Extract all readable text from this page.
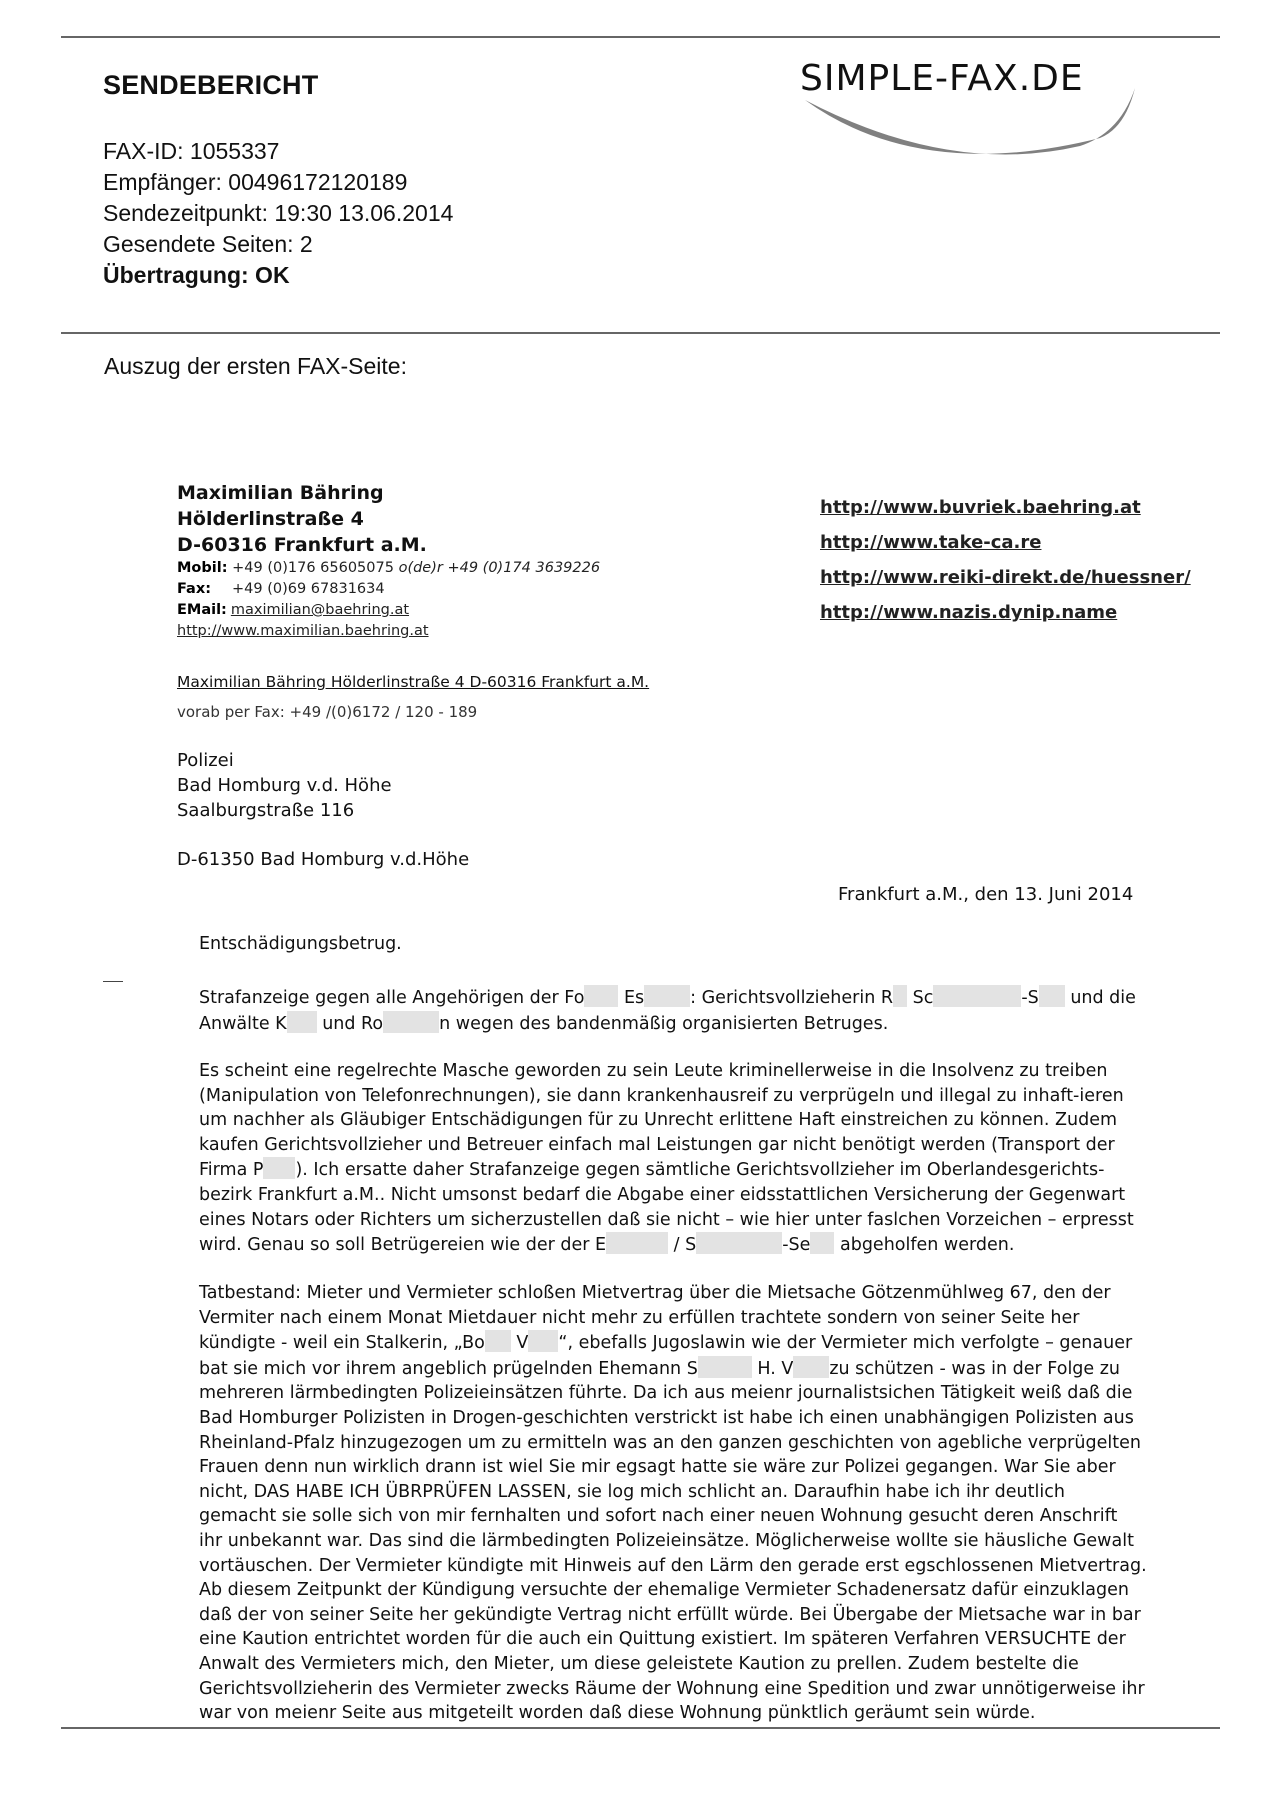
SENDEBERICHT	SIMPLE-FAX.DE
FAX-ID: 1055337
Empfänger: 00496172120189
Sendezeitpunkt: 19:30 13.06.2014
Gesendete Seiten: 2
Übertragung: OK
Auszug der ersten FAX-Seite:
Maximilian Bähring
Hölderlinstraße 4
D-60316 Frankfurt a.M.
Mobil: +49 (0)176 65605075 o(de)r +49 (0)174 3639226
Fax: +49 (0)69 67831634
EMail: maximilian@baehring.at
http://www.maximilian.baehring.at
http://www.buvriek.baehring.at
http://www.take-ca.re
http://www.reiki-direkt.de/huessner/
http://www.nazis.dynip.name
Maximilian Bähring Hölderlinstraße 4 D-60316 Frankfurt a.M.
vorab per Fax: +49 /(0)6172 / 120 - 189
Polizei
Bad Homburg v.d. Höhe
Saalburgstraße 116
D-61350 Bad Homburg v.d.Höhe
Frankfurt a.M., den 13. Juni 2014
Entschädigungsbetrug.
Strafanzeige gegen alle Angehörigen der Fo Es	: Gerichtsvollzieherin R Sc	-S und die
Anwälte K und Ro	n wegen des bandenmäßig organisierten Betruges.
Es scheint eine regelrechte Masche geworden zu sein Leute kriminellerweise in die Insolvenz zu treiben
(Manipulation von Telefonrechnungen), sie dann krankenhausreif zu verprügeln und illegal zu inhaft-ieren
um nachher als Gläubiger Entschädigungen für zu Unrecht erlittene Haft einstreichen zu können. Zudem
kaufen Gerichtsvollzieher und Betreuer einfach mal Leistungen gar nicht benötigt werden (Transport der
Firma P ). Ich ersatte daher Strafanzeige gegen sämtliche Gerichtsvollzieher im Oberlandesgerichts-
bezirk Frankfurt a.M.. Nicht umsonst bedarf die Abgabe einer eidsstattlichen Versicherung der Gegenwart
eines Notars oder Richters um sicherzustellen daß sie nicht – wie hier unter faslchen Vorzeichen – erpresst
wird. Genau so soll Betrügereien wie der der E	/ S	-Se abgeholfen werden.
Tatbestand: Mieter und Vermieter schloßen Mietvertrag über die Mietsache Götzenmühlweg 67, den der
Vermiter nach einem Monat Mietdauer nicht mehr zu erfüllen trachtete sondern von seiner Seite her
kündigte - weil ein Stalkerin, „Bo V “, ebefalls Jugoslawin wie der Vermieter mich verfolgte – genauer
bat sie mich vor ihrem angeblich prügelnden Ehemann S	H. V zu schützen - was in der Folge zu
mehreren lärmbedingten Polizeieinsätzen führte. Da ich aus meienr journalistsichen Tätigkeit weiß daß die
Bad Homburger Polizisten in Drogen-geschichten verstrickt ist habe ich einen unabhängigen Polizisten aus
Rheinland-Pfalz hinzugezogen um zu ermitteln was an den ganzen geschichten von agebliche verprügelten
Frauen denn nun wirklich drann ist wiel Sie mir egsagt hatte sie wäre zur Polizei gegangen. War Sie aber
nicht, DAS HABE ICH ÜBRPRÜFEN LASSEN, sie log mich schlicht an. Daraufhin habe ich ihr deutlich
gemacht sie solle sich von mir fernhalten und sofort nach einer neuen Wohnung gesucht deren Anschrift
ihr unbekannt war. Das sind die lärmbedingten Polizeieinsätze. Möglicherweise wollte sie häusliche Gewalt
vortäuschen. Der Vermieter kündigte mit Hinweis auf den Lärm den gerade erst egschlossenen Mietvertrag.
Ab diesem Zeitpunkt der Kündigung versuchte der ehemalige Vermieter Schadenersatz dafür einzuklagen
daß der von seiner Seite her gekündigte Vertrag nicht erfüllt würde. Bei Übergabe der Mietsache war in bar
eine Kaution entrichtet worden für die auch ein Quittung existiert. Im späteren Verfahren VERSUCHTE der
Anwalt des Vermieters mich, den Mieter, um diese geleistete Kaution zu prellen. Zudem bestelte die
Gerichtsvollzieherin des Vermieter zwecks Räume der Wohnung eine Spedition und zwar unnötigerweise ihr
war von meienr Seite aus mitgeteilt worden daß diese Wohnung pünktlich geräumt sein würde.
